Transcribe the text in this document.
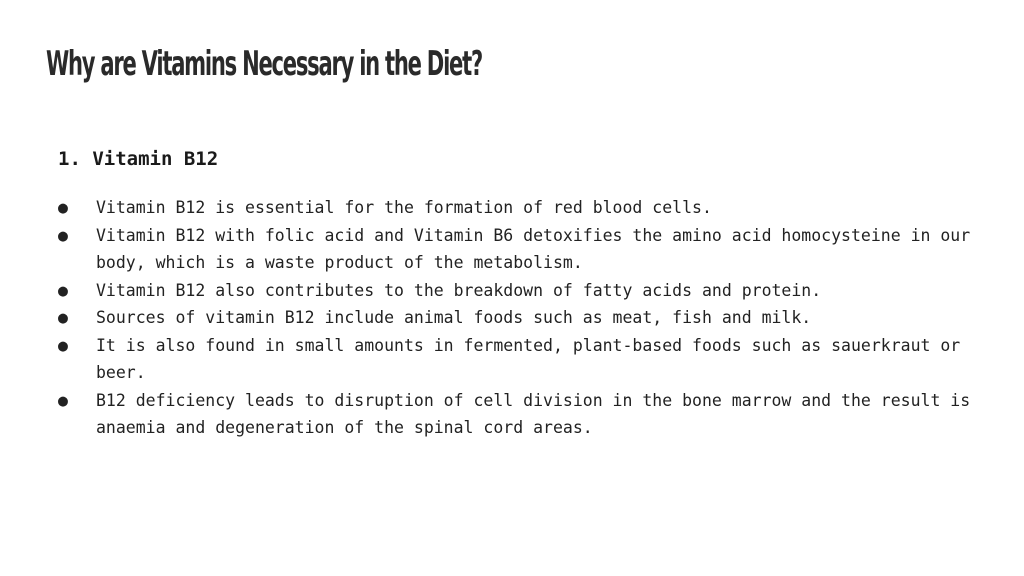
Why are Vitamins Necessary in the Diet?
1. Vitamin B12
●	Vitamin B12 is essential for the formation of red blood cells.
●	Vitamin B12 with folic acid and Vitamin B6 detoxifies the amino acid homocysteine in our body, which is a waste product of the metabolism.
●	Vitamin B12 also contributes to the breakdown of fatty acids and protein.
●	Sources of vitamin B12 include animal foods such as meat, fish and milk.
●	It is also found in small amounts in fermented, plant-based foods such as sauerkraut or beer.
●	B12 deficiency leads to disruption of cell division in the bone marrow and the result is anaemia and degeneration of the spinal cord areas.
